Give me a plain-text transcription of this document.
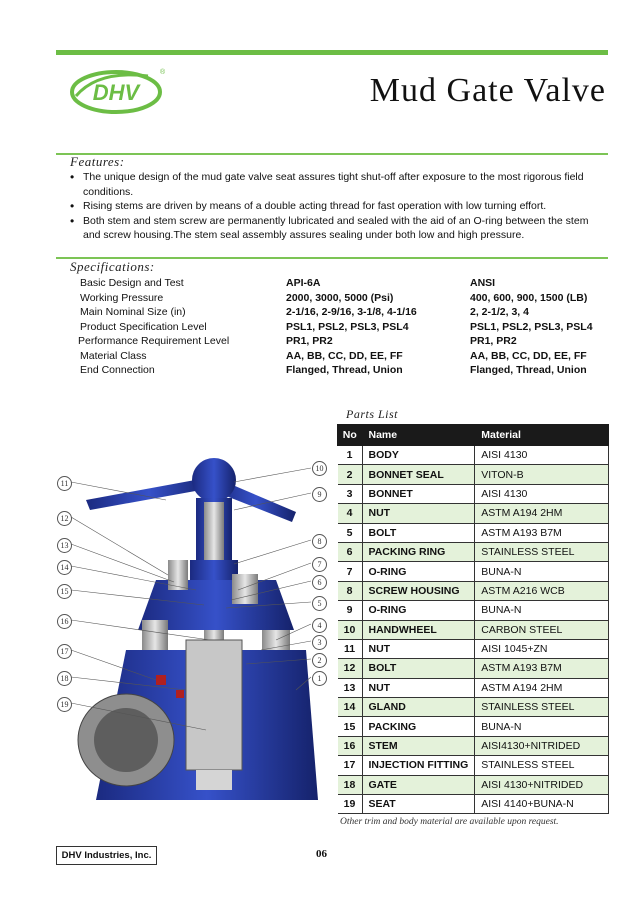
DHV
®	Mud Gate Valve
Features:
• The unique design of the mud gate valve seat assures tight shut-off after exposure to the most rigorous field conditions.
• Rising stems are driven by means of a double acting thread for fast operation with low turning effort.
• Both stem and stem screw are permanently lubricated and sealed with the aid of an O-ring between the stem and screw housing.The stem seal assembly assures sealing under both low and high pressure.
Specifications:
Basic Design and Test	API-6A	ANSI
Working Pressure	2000, 3000, 5000 (Psi)	400, 600, 900, 1500 (LB)
Main Nominal Size (in)	2-1/16, 2-9/16, 3-1/8, 4-1/16	2, 2-1/2, 3, 4
Product Specification Level	PSL1, PSL2, PSL3, PSL4	PSL1, PSL2, PSL3, PSL4
Performance Requirement Level	PR1, PR2	PR1, PR2
Material Class	AA, BB, CC, DD, EE, FF	AA, BB, CC, DD, EE, FF
End Connection	Flanged, Thread, Union	Flanged, Thread, Union
10
9
8
7
6
5
4
3
2
1
11
12
13
14
15
16
17
18
19
Parts List
No	Name	Material
1	BODY	AISI 4130
2	BONNET SEAL	VITON-B
3	BONNET	AISI 4130
4	NUT	ASTM A194 2HM
5	BOLT	ASTM A193 B7M
6	PACKING RING	STAINLESS STEEL
7	O-RING	BUNA-N
8	SCREW HOUSING	ASTM A216 WCB
9	O-RING	BUNA-N
10	HANDWHEEL	CARBON STEEL
11	NUT	AISI 1045+ZN
12	BOLT	ASTM A193 B7M
13	NUT	ASTM A194 2HM
14	GLAND	STAINLESS STEEL
15	PACKING	BUNA-N
16	STEM	AISI4130+NITRIDED
17	INJECTION FITTING	STAINLESS STEEL
18	GATE	AISI 4130+NITRIDED
19	SEAT	AISI 4140+BUNA-N
Other trim and body material are available upon request.
DHV Industries, Inc.	06
